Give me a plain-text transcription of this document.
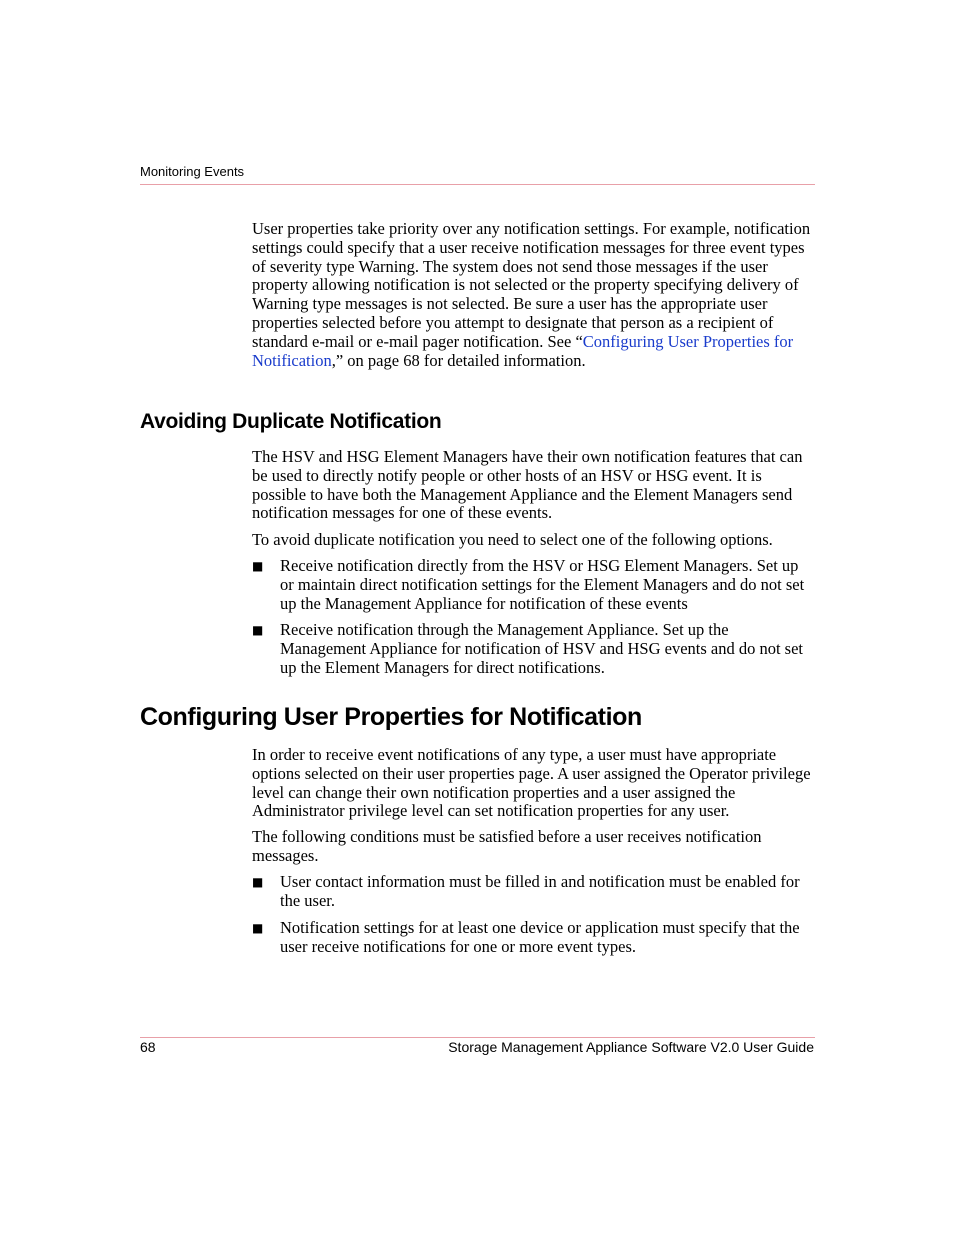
Monitoring Events

User properties take priority over any notification settings. For example, notification settings could specify that a user receive notification messages for three event types of severity type Warning. The system does not send those messages if the user property allowing notification is not selected or the property specifying delivery of Warning type messages is not selected. Be sure a user has the appropriate user properties selected before you attempt to designate that person as a recipient of standard e-mail or e-mail pager notification. See “Configuring User Properties for Notification,” on page 68 for detailed information.

Avoiding Duplicate Notification

The HSV and HSG Element Managers have their own notification features that can be used to directly notify people or other hosts of an HSV or HSG event. It is possible to have both the Management Appliance and the Element Managers send notification messages for one of these events.

To avoid duplicate notification you need to select one of the following options.

■ Receive notification directly from the HSV or HSG Element Managers. Set up or maintain direct notification settings for the Element Managers and do not set up the Management Appliance for notification of these events

■ Receive notification through the Management Appliance. Set up the Management Appliance for notification of HSV and HSG events and do not set up the Element Managers for direct notifications.

Configuring User Properties for Notification

In order to receive event notifications of any type, a user must have appropriate options selected on their user properties page. A user assigned the Operator privilege level can change their own notification properties and a user assigned the Administrator privilege level can set notification properties for any user.

The following conditions must be satisfied before a user receives notification messages.

■ User contact information must be filled in and notification must be enabled for the user.

■ Notification settings for at least one device or application must specify that the user receive notifications for one or more event types.

68	Storage Management Appliance Software V2.0 User Guide
